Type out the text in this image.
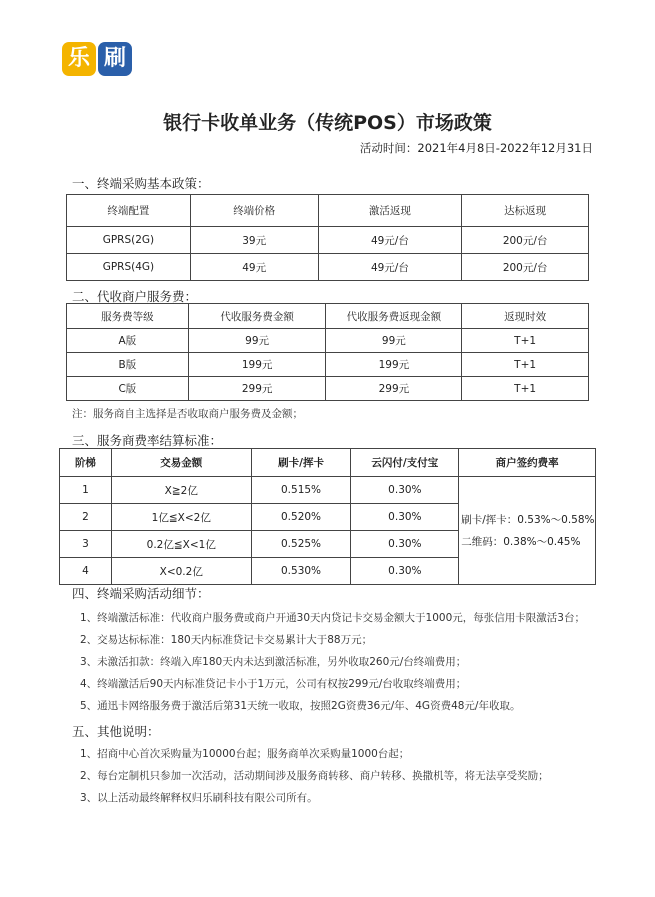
乐 刷
银行卡收单业务（传统POS）市场政策
活动时间：2021年4月8日-2022年12月31日
一、终端采购基本政策：
终端配置	终端价格	激活返现	达标返现
GPRS(2G)	39元	49元/台	200元/台
GPRS(4G)	49元	49元/台	200元/台
二、代收商户服务费：
服务费等级	代收服务费金额	代收服务费返现金额	返现时效
A版	99元	99元	T+1
B版	199元	199元	T+1
C版	299元	299元	T+1
注：服务商自主选择是否收取商户服务费及金额；
三、服务商费率结算标准：
阶梯	交易金额	刷卡/挥卡	云闪付/支付宝	商户签约费率
1	X≧2亿	0.515%	0.30%	刷卡/挥卡：0.53%～0.58%
二维码：0.38%～0.45%

2	1亿≦X<2亿	0.520%	0.30%	
3	0.2亿≦X<1亿	0.525%	0.30%	
4	X<0.2亿	0.530%	0.30%	
四、终端采购活动细节：
1、终端激活标准：代收商户服务费或商户开通30天内贷记卡交易金额大于1000元，每张信用卡限激活3台；
2、交易达标标准：180天内标准贷记卡交易累计大于88万元；
3、未激活扣款：终端入库180天内未达到激活标准，另外收取260元/台终端费用；
4、终端激活后90天内标准贷记卡小于1万元，公司有权按299元/台收取终端费用；
5、通迅卡网络服务费于激活后第31天统一收取，按照2G资费36元/年、4G资费48元/年收取。
五、其他说明：
1、招商中心首次采购量为10000台起；服务商单次采购量1000台起；
2、每台定制机只参加一次活动，活动期间涉及服务商转移、商户转移、换撒机等，将无法享受奖励；
3、以上活动最终解释权归乐刷科技有限公司所有。
